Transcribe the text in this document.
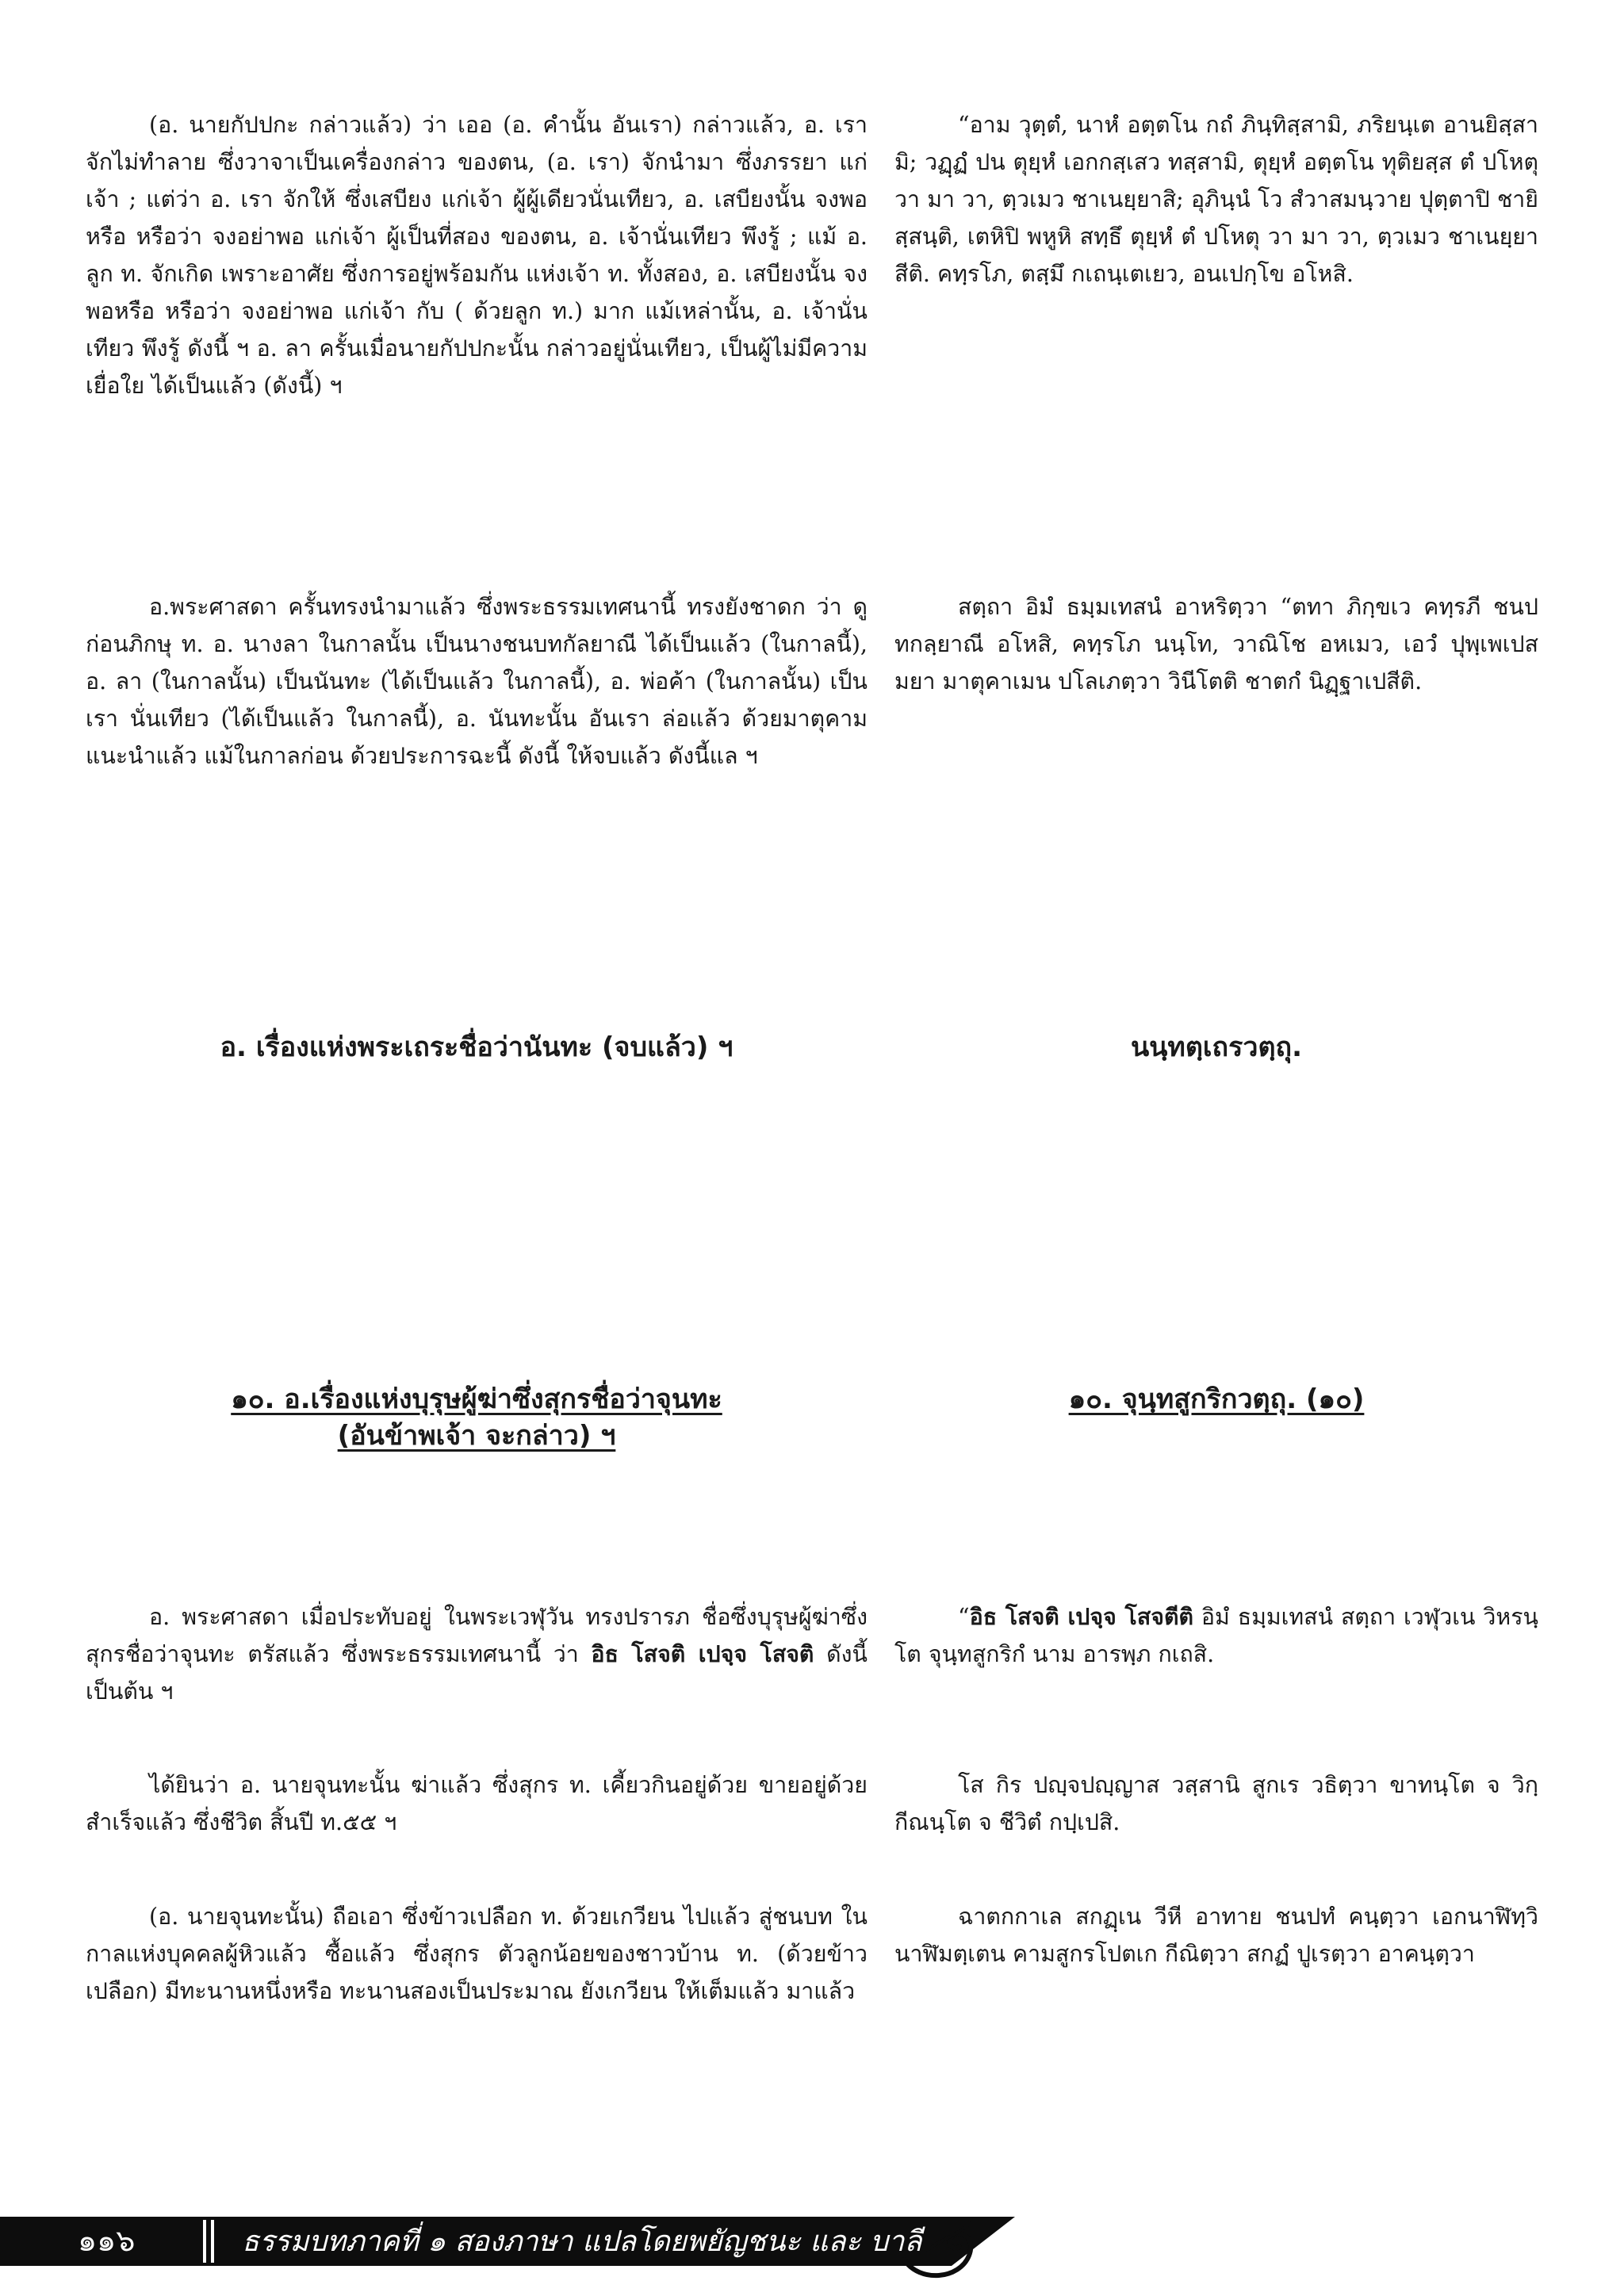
(อ. นายกัปปกะ กล่าวแล้ว) ว่า เออ (อ. คำนั้น อันเรา) กล่าวแล้ว, อ. เรา จักไม่ทำลาย ซึ่งวาจาเป็นเครื่องกล่าว ของตน, (อ. เรา) จักนำมา ซึ่งภรรยา แก่เจ้า ; แต่ว่า อ. เรา จักให้ ซึ่งเสบียง แก่เจ้า ผู้ผู้เดียวนั่นเทียว, อ. เสบียงนั้น จงพอหรือ หรือว่า จงอย่าพอ แก่เจ้า ผู้เป็นที่สอง ของตน, อ. เจ้านั่นเทียว พึงรู้ ; แม้ อ. ลูก ท. จักเกิด เพราะอาศัย ซึ่งการอยู่พร้อมกัน แห่งเจ้า ท. ทั้งสอง, อ. เสบียงนั้น จงพอหรือ หรือว่า จงอย่าพอ แก่เจ้า กับ ( ด้วยลูก ท.) มาก แม้เหล่านั้น, อ. เจ้านั่นเทียว พึงรู้ ดังนี้ ฯ อ. ลา ครั้นเมื่อนายกัปปกะนั้น กล่าวอยู่นั่นเทียว, เป็นผู้ไม่มีความเยื่อใย ได้เป็นแล้ว (ดังนี้) ฯ

อ.พระศาสดา ครั้นทรงนำมาแล้ว ซึ่งพระธรรมเทศนานี้ ทรงยังชาดก ว่า ดูก่อนภิกษุ ท. อ. นางลา ในกาลนั้น เป็นนางชนบทกัลยาณี ได้เป็นแล้ว (ในกาลนี้), อ. ลา (ในกาลนั้น) เป็นนันทะ (ได้เป็นแล้ว ในกาลนี้), อ. พ่อค้า (ในกาลนั้น) เป็นเรา นั่นเทียว (ได้เป็นแล้ว ในกาลนี้), อ. นันทะนั้น อันเรา ล่อแล้ว ด้วยมาตุคาม แนะนำแล้ว แม้ในกาลก่อน ด้วยประการฉะนี้ ดังนี้ ให้จบแล้ว ดังนี้แล ฯ

อ. เรื่องแห่งพระเถระชื่อว่านันทะ (จบแล้ว) ฯ
๑๐. อ.เรื่องแห่งบุรุษผู้ฆ่าซึ่งสุกรชื่อว่าจุนทะ
(อันข้าพเจ้า จะกล่าว) ฯ

อ. พระศาสดา เมื่อประทับอยู่ ในพระเวฬุวัน ทรงปรารภ ชื่อซึ่งบุรุษผู้ฆ่าซึ่งสุกรชื่อว่าจุนทะ ตรัสแล้ว ซึ่งพระธรรมเทศนานี้ ว่า อิธ โสจติ เปจฺจ โสจติ ดังนี้เป็นต้น ฯ

ได้ยินว่า อ. นายจุนทะนั้น ฆ่าแล้ว ซึ่งสุกร ท. เคี้ยวกินอยู่ด้วย ขายอยู่ด้วย สำเร็จแล้ว ซึ่งชีวิต สิ้นปี ท.๕๕ ฯ

(อ. นายจุนทะนั้น) ถือเอา ซึ่งข้าวเปลือก ท. ด้วยเกวียน ไปแล้ว สู่ชนบท ในกาลแห่งบุคคลผู้หิวแล้ว ซื้อแล้ว ซึ่งสุกร ตัวลูกน้อยของชาวบ้าน ท. (ด้วยข้าวเปลือก) มีทะนานหนึ่งหรือ ทะนานสองเป็นประมาณ ยังเกวียน ให้เต็มแล้ว มาแล้ว

“อาม วุตฺตํ, นาหํ อตฺตโน กถํ ภินฺทิสฺสามิ, ภริยนฺเต อานยิสฺสามิ; วฏฺฏํ ปน ตุยฺหํ เอกกสฺเสว ทสฺสามิ, ตุยฺหํ อตฺตโน ทุติยสฺส ตํ ปโหตุ วา มา วา, ตฺวเมว ชาเนยฺยาสิ; อุภินฺนํ โว สํวาสมนฺวาย ปุตฺตาปิ ชายิสฺสนฺติ, เตหิปิ พหูหิ สทฺธึ ตุยฺหํ ตํ ปโหตุ วา มา วา, ตฺวเมว ชาเนยฺยาสีติ. คทฺรโภ, ตสฺมึ กเถนฺเตเยว, อนเปกฺโข อโหสิ.

สตฺถา อิมํ ธมฺมเทสนํ อาหริตฺวา “ตทา ภิกฺขเว คทฺรภี ชนปทกลฺยาณี อโหสิ, คทฺรโภ นนฺโท, วาณิโช อหเมว, เอวํ ปุพฺเพเปส มยา มาตุคาเมน ปโลเภตฺวา วินีโตติ ชาตกํ นิฏฺฐาเปสีติ.

นนฺทตฺเถรวตฺถุ.
๑๐. จุนฺทสูกริกวตฺถุ. (๑๐)

“อิธ โสจติ เปจฺจ โสจตีติ อิมํ ธมฺมเทสนํ สตฺถา เวฬุวเน วิหรนฺโต จุนฺทสูกริกํ นาม อารพฺภ กเถสิ.

โส กิร ปญฺจปญฺญาส วสฺสานิ สูกเร วธิตฺวา ขาทนฺโต จ วิกฺกีณนฺโต จ ชีวิตํ กปฺเปสิ.

ฉาตกกาเล สกฏฺเน วีหี อาทาย ชนปทํ คนฺตฺวา เอกนาฬิทฺวินาฬิมตฺเตน คามสูกรโปตเก กีณิตฺวา สกฏํ ปูเรตฺวา อาคนฺตฺวา

๑๑๖	ธรรมบทภาคที่ ๑ สองภาษา แปลโดยพยัญชนะ และ บาลี
